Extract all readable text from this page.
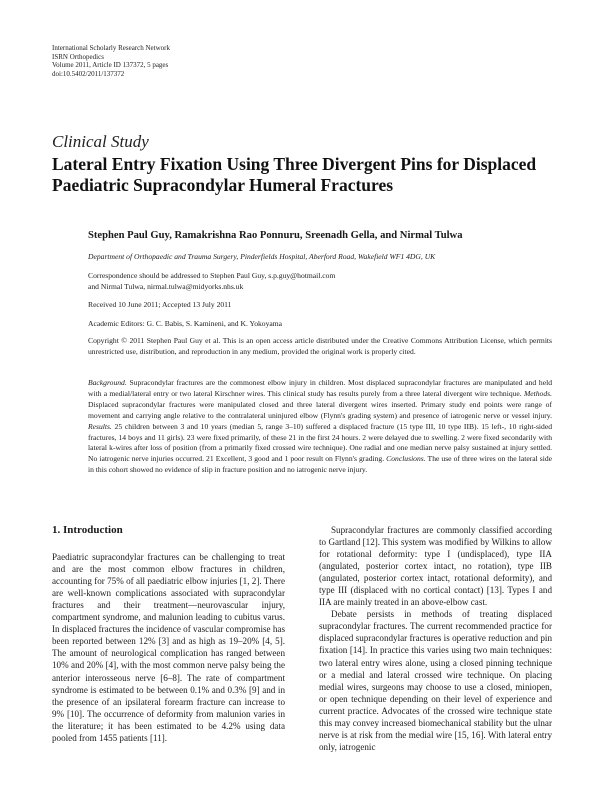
International Scholarly Research Network
ISRN Orthopedics
Volume 2011, Article ID 137372, 5 pages
doi:10.5402/2011/137372
Clinical Study
Lateral Entry Fixation Using Three Divergent Pins for Displaced Paediatric Supracondylar Humeral Fractures
Stephen Paul Guy, Ramakrishna Rao Ponnuru, Sreenadh Gella, and Nirmal Tulwa
Department of Orthopaedic and Trauma Surgery, Pinderfields Hospital, Aberford Road, Wakefield WF1 4DG, UK
Correspondence should be addressed to Stephen Paul Guy, s.p.guy@hotmail.com
and Nirmal Tulwa, nirmal.tulwa@midyorks.nhs.uk
Received 10 June 2011; Accepted 13 July 2011
Academic Editors: G. C. Babis, S. Kamineni, and K. Yokoyama
Copyright © 2011 Stephen Paul Guy et al. This is an open access article distributed under the Creative Commons Attribution License, which permits unrestricted use, distribution, and reproduction in any medium, provided the original work is properly cited.
Background. Supracondylar fractures are the commonest elbow injury in children. Most displaced supracondylar fractures are manipulated and held with a medial/lateral entry or two lateral Kirschner wires. This clinical study has results purely from a three lateral divergent wire technique. Methods. Displaced supracondylar fractures were manipulated closed and three lateral divergent wires inserted. Primary study end points were range of movement and carrying angle relative to the contralateral uninjured elbow (Flynn's grading system) and presence of iatrogenic nerve or vessel injury. Results. 25 children between 3 and 10 years (median 5, range 3–10) suffered a displaced fracture (15 type III, 10 type IIB). 15 left-, 10 right-sided fractures, 14 boys and 11 girls). 23 were fixed primarily, of these 21 in the first 24 hours. 2 were delayed due to swelling. 2 were fixed secondarily with lateral k-wires after loss of position (from a primarily fixed crossed wire technique). One radial and one median nerve palsy sustained at injury settled. No iatrogenic nerve injuries occurred. 21 Excellent, 3 good and 1 poor result on Flynn's grading. Conclusions. The use of three wires on the lateral side in this cohort showed no evidence of slip in fracture position and no iatrogenic nerve injury.
1. Introduction

Paediatric supracondylar fractures can be challenging to treat and are the most common elbow fractures in children, accounting for 75% of all paediatric elbow injuries [1, 2]. There are well-known complications associated with supracondylar fractures and their treatment—neurovascular injury, compartment syndrome, and malunion leading to cubitus varus. In displaced fractures the incidence of vascular compromise has been reported between 12% [3] and as high as 19–20% [4, 5]. The amount of neurological complication has ranged between 10% and 20% [4], with the most common nerve palsy being the anterior interosseous nerve [6–8]. The rate of compartment syndrome is estimated to be between 0.1% and 0.3% [9] and in the presence of an ipsilateral forearm fracture can increase to 9% [10]. The occurrence of deformity from malunion varies in the literature; it has been estimated to be 4.2% using data pooled from 1455 patients [11].

Supracondylar fractures are commonly classified according to Gartland [12]. This system was modified by Wilkins to allow for rotational deformity: type I (undisplaced), type IIA (angulated, posterior cortex intact, no rotation), type IIB (angulated, posterior cortex intact, rotational deformity), and type III (displaced with no cortical contact) [13]. Types I and IIA are mainly treated in an above-elbow cast.

Debate persists in methods of treating displaced supracondylar fractures. The current recommended practice for displaced supracondylar fractures is operative reduction and pin fixation [14]. In practice this varies using two main techniques: two lateral entry wires alone, using a closed pinning technique or a medial and lateral crossed wire technique. On placing medial wires, surgeons may choose to use a closed, miniopen, or open technique depending on their level of experience and current practice. Advocates of the crossed wire technique state this may convey increased biomechanical stability but the ulnar nerve is at risk from the medial wire [15, 16]. With lateral entry only, iatrogenic
